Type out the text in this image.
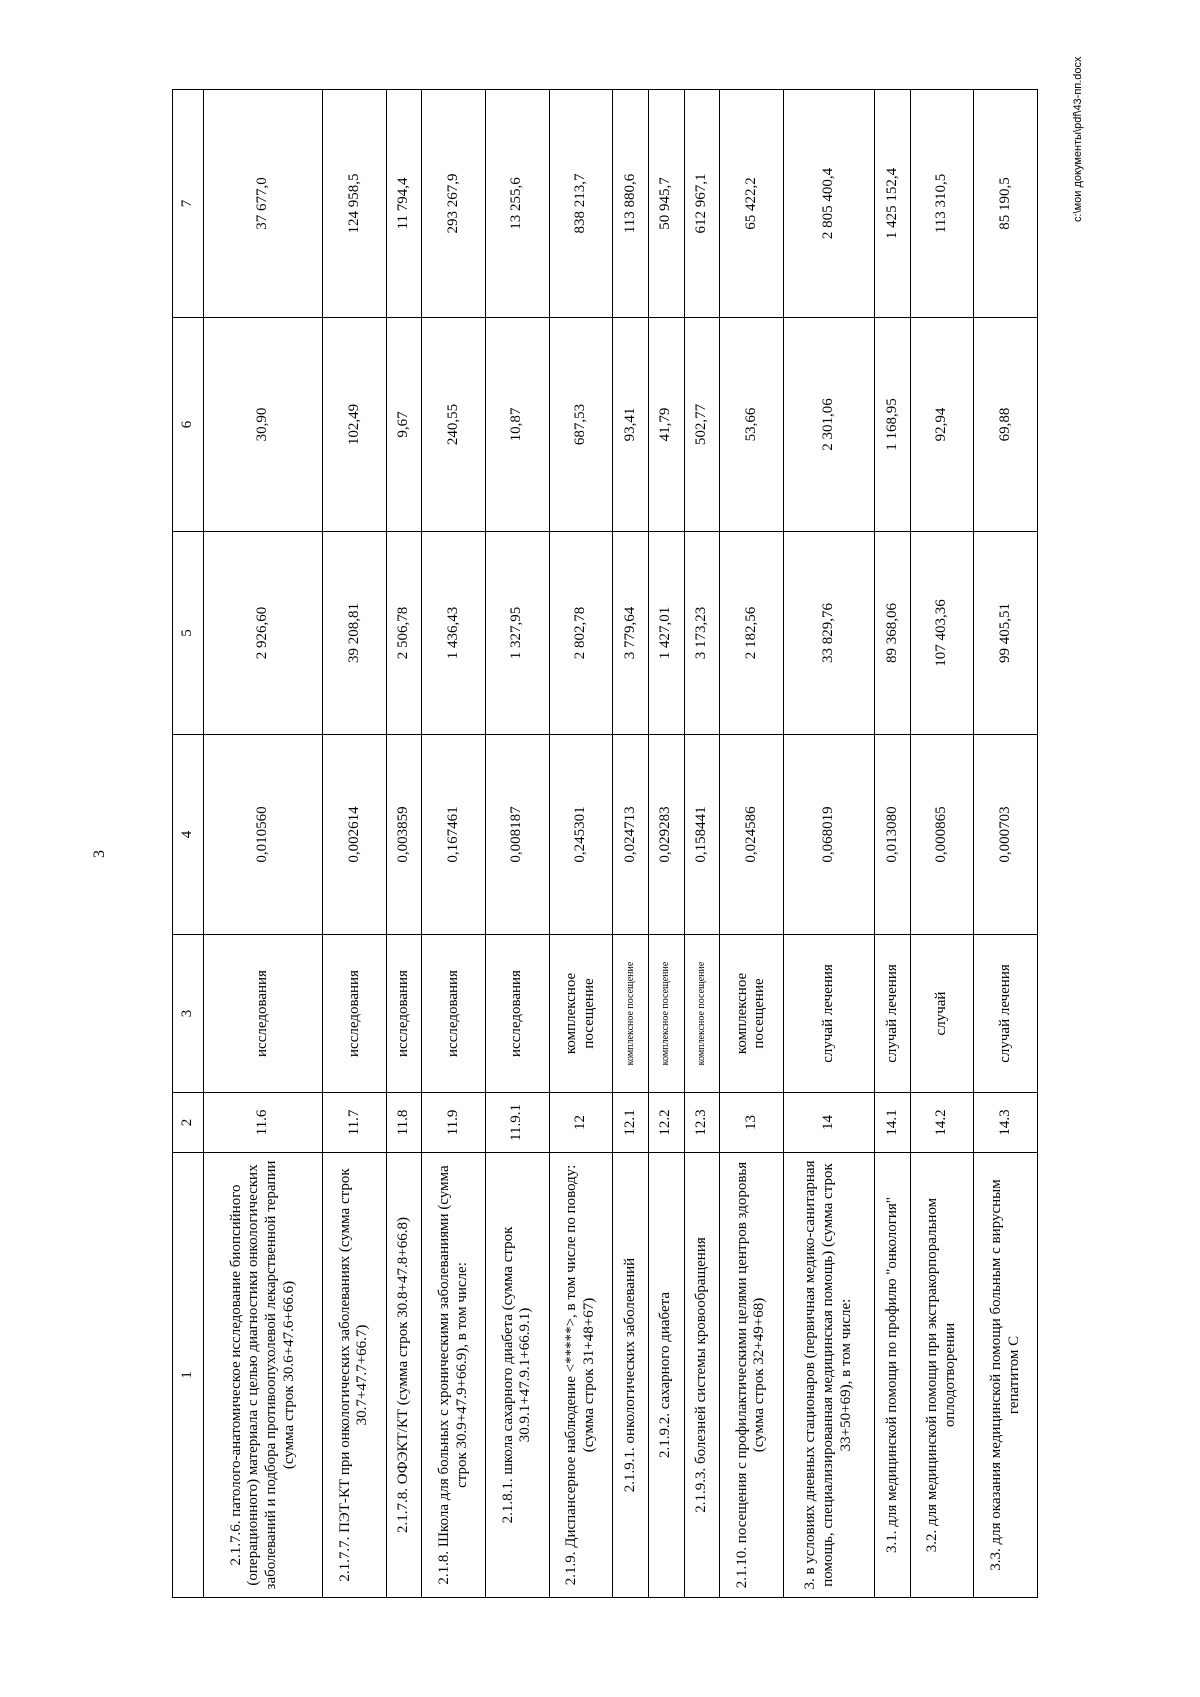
3
1	2	3	4	5	6	7
2.1.7.6. патолого-анатомическое исследование биопсийного (операционного) материала с целью диагностики онкологических заболеваний и подбора противоопухолевой лекарственной терапии (сумма строк 30.6+47.6+66.6)	11.6	исследования	0,010560	2 926,60	30,90	37 677,0
2.1.7.7. ПЭТ-КТ при онкологических заболеваниях (сумма строк 30.7+47.7+66.7)	11.7	исследования	0,002614	39 208,81	102,49	124 958,5
2.1.7.8. ОФЭКТ/КТ (сумма строк 30.8+47.8+66.8)	11.8	исследования	0,003859	2 506,78	9,67	11 794,4
2.1.8. Школа для больных с хроническими заболеваниями (сумма строк 30.9+47.9+66.9), в том числе:	11.9	исследования	0,167461	1 436,43	240,55	293 267,9
2.1.8.1. школа сахарного диабета (сумма строк 30.9.1+47.9.1+66.9.1)	11.9.1	исследования	0,008187	1 327,95	10,87	13 255,6
2.1.9. Диспансерное наблюдение <*****>, в том числе по поводу: (сумма строк 31+48+67)	12	комплексное посещение	0,245301	2 802,78	687,53	838 213,7
2.1.9.1. онкологических заболеваний	12.1	комплексное посещение	0,024713	3 779,64	93,41	113 880,6
2.1.9.2. сахарного диабета	12.2	комплексное посещение	0,029283	1 427,01	41,79	50 945,7
2.1.9.3. болезней системы кровообращения	12.3	комплексное посещение	0,158441	3 173,23	502,77	612 967,1
2.1.10. посещения с профилактическими целями центров здоровья (сумма строк 32+49+68)	13	комплексное посещение	0,024586	2 182,56	53,66	65 422,2
3. в условиях дневных стационаров (первичная медико-санитарная помощь, специализированная медицинская помощь) (сумма строк 33+50+69), в том числе:	14	случай лечения	0,068019	33 829,76	2 301,06	2 805 400,4
3.1. для медицинской помощи по профилю "онкология"	14.1	случай лечения	0,013080	89 368,06	1 168,95	1 425 152,4
3.2. для медицинской помощи при экстракорпоральном оплодотворении	14.2	случай	0,000865	107 403,36	92,94	113 310,5
3.3. для оказания медицинской помощи больным с вирусным гепатитом С	14.3	случай лечения	0,000703	99 405,51	69,88	85 190,5	c:\мои документы\pdf\43-пп.docx
